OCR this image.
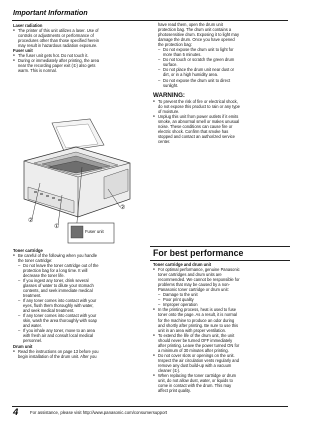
Important Information
Laser radiation
● The printer of this unit utilizes a laser. Use of
controls or adjustments or performance of
procedures other than those specified herein
may result in hazardous radiation exposure.
Fuser unit
● The fuser unit gets hot. Do not touch it.
● During or immediately after printing, the area
near the recording paper exit (①) also gets
warm. This is normal.
②
①
②
Fuser unit
Toner cartridge
● Be careful of the following when you handle
the toner cartridge:
– Do not leave the toner cartridge out of the
protection bag for a long time. It will
decrease the toner life.
– If you ingest any toner, drink several
glasses of water to dilute your stomach
contents, and seek immediate medical
treatment.
– If any toner comes into contact with your
eyes, flush them thoroughly with water,
and seek medical treatment.
– If any toner comes into contact with your
skin, wash the area thoroughly with soap
and water.
– If you inhale any toner, move to an area
with fresh air and consult local medical
personnel.
Drum unit
● Read the instructions on page 13 before you
begin installation of the drum unit. After you
have read them, open the drum unit
protection bag. The drum unit contains a
photosensitive drum. Exposing it to light may
damage the drum. Once you have opened
the protection bag:
– Do not expose the drum unit to light for
more than 5 minutes.
– Do not touch or scratch the green drum
surface.
– Do not place the drum unit near dust or
dirt, or in a high humidity area.
– Do not expose the drum unit to direct
sunlight.
WARNING:
● To prevent the risk of fire or electrical shock,
do not expose this product to rain or any type
of moisture.
● Unplug this unit from power outlets if it emits
smoke, an abnormal smell or makes unusual
noise. These conditions can cause fire or
electric shock. Confirm that smoke has
stopped and contact an authorized service
center.
For best performance
Toner cartridge and drum unit
● For optimal performance, genuine Panasonic
toner cartridges and drum units are
recommended. We cannot be responsible for
problems that may be caused by a non-
Panasonic toner cartridge or drum unit:
– Damage to the unit
– Poor print quality
– Improper operation
● In the printing process, heat is used to fuse
toner onto the page. As a result, it is normal
for the machine to produce an odor during
and shortly after printing. Be sure to use this
unit in an area with proper ventilation.
● To extend the life of the drum unit, the unit
should never be turned OFF immediately
after printing. Leave the power turned ON for
a minimum of 30 minutes after printing.
● Do not cover slots or openings on the unit.
Inspect the air circulation vents regularly and
remove any dust build-up with a vacuum
cleaner (①).
● When replacing the toner cartridge or drum
unit, do not allow dust, water, or liquids to
come in contact with the drum. This may
affect print quality.
4	For assistance, please visit http://www.panasonic.com/consumersupport
